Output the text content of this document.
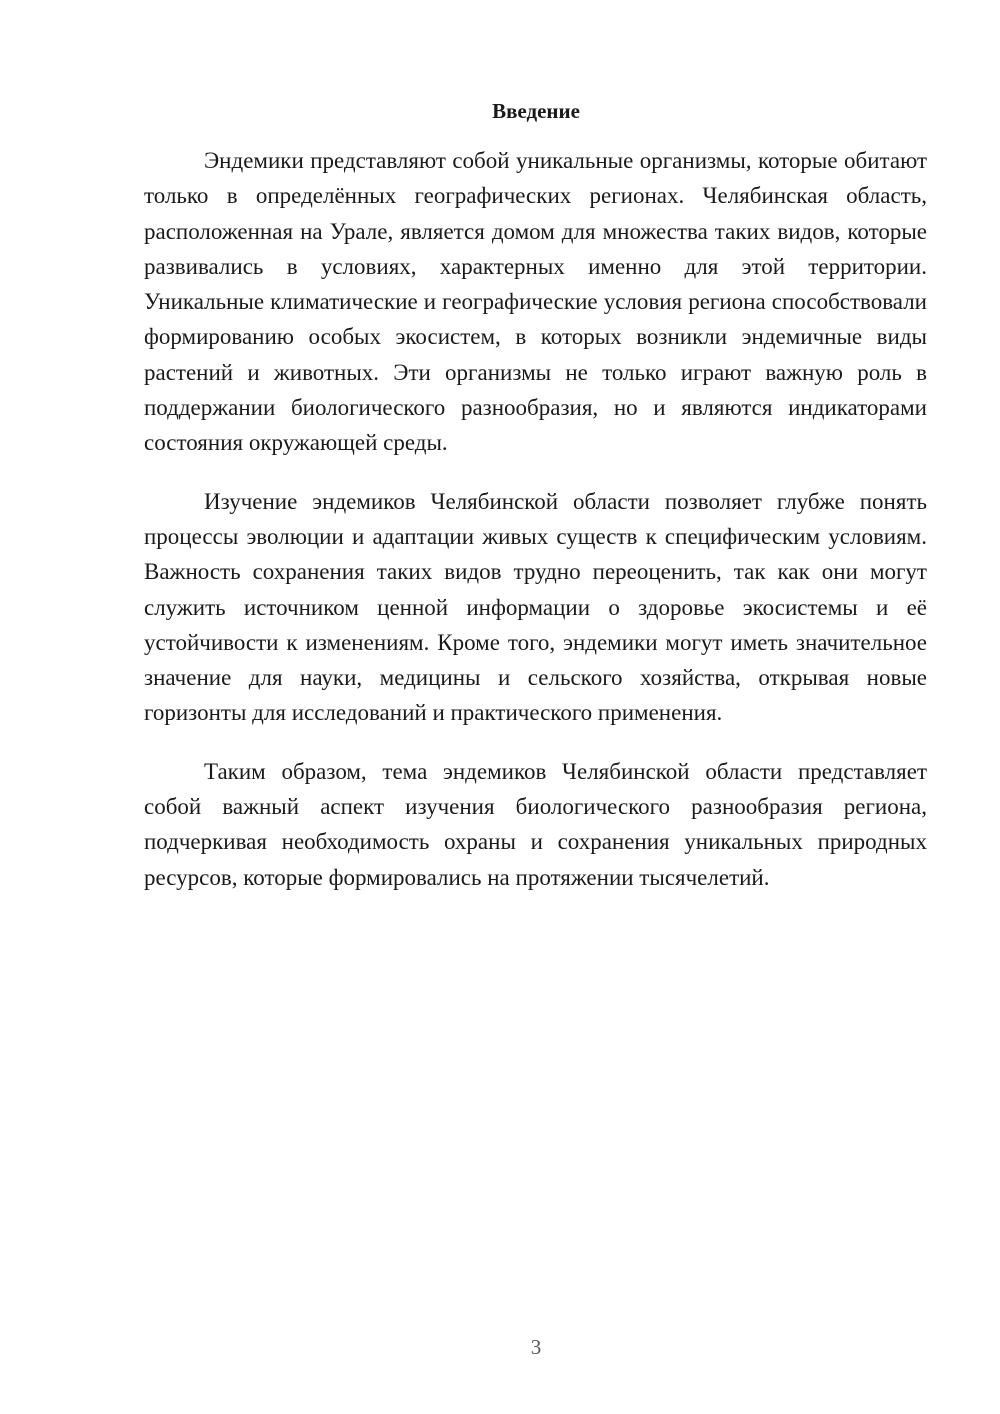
Введение

Эндемики представляют собой уникальные организмы, которые обитают только в определённых географических регионах. Челябинская область, расположенная на Урале, является домом для множества таких видов, которые развивались в условиях, характерных именно для этой территории. Уникальные климатические и географические условия региона способствовали формированию особых экосистем, в которых возникли эндемичные виды растений и животных. Эти организмы не только играют важную роль в поддержании биологического разнообразия, но и являются индикаторами состояния окружающей среды.

Изучение эндемиков Челябинской области позволяет глубже понять процессы эволюции и адаптации живых существ к специфическим условиям. Важность сохранения таких видов трудно переоценить, так как они могут служить источником ценной информации о здоровье экосистемы и её устойчивости к изменениям. Кроме того, эндемики могут иметь значительное значение для науки, медицины и сельского хозяйства, открывая новые горизонты для исследований и практического применения.

Таким образом, тема эндемиков Челябинской области представляет собой важный аспект изучения биологического разнообразия региона, подчеркивая необходимость охраны и сохранения уникальных природных ресурсов, которые формировались на протяжении тысячелетий.

3
